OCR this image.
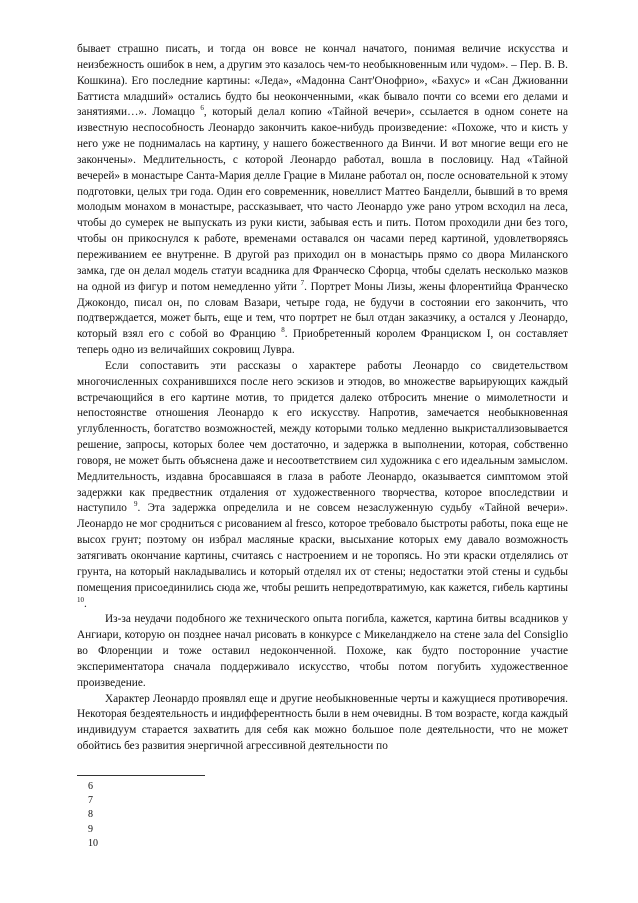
бывает страшно писать, и тогда он вовсе не кончал начатого, понимая величие искусства и неизбежность ошибок в нем, а другим это казалось чем-то необыкновенным или чудом». – Пер. В. В. Кошкина). Его последние картины: «Леда», «Мадонна Сант'Онофрио», «Бахус» и «Сан Джиованни Баттиста младший» остались будто бы неоконченными, «как бывало почти со всеми его делами и занятиями…». Ломаццо $^6$, который делал копию «Тайной вечери», ссылается в одном сонете на известную неспособность Леонардо закончить какое-нибудь произведение: «Похоже, что и кисть у него уже не поднималась на картину, у нашего божественного да Винчи. И вот многие вещи его не закончены». Медлительность, с которой Леонардо работал, вошла в пословицу. Над «Тайной вечерей» в монастыре Санта-Мария делле Грацие в Милане работал он, после основательной к этому подготовки, целых три года. Один его современник, новеллист Маттео Банделли, бывший в то время молодым монахом в монастыре, рассказывает, что часто Леонардо уже рано утром всходил на леса, чтобы до сумерек не выпускать из руки кисти, забывая есть и пить. Потом проходили дни без того, чтобы он прикоснулся к работе, временами оставался он часами перед картиной, удовлетворяясь переживанием ее внутренне. В другой раз приходил он в монастырь прямо со двора Миланского замка, где он делал модель статуи всадника для Франческо Сфорца, чтобы сделать несколько мазков на одной из фигур и потом немедленно уйти $^7$. Портрет Моны Лизы, жены флорентийца Франческо Джокондо, писал он, по словам Вазари, четыре года, не будучи в состоянии его закончить, что подтверждается, может быть, еще и тем, что портрет не был отдан заказчику, а остался у Леонардо, который взял его с собой во Францию $^8$. Приобретенный королем Франциском I, он составляет теперь одно из величайших сокровищ Лувра.

Если сопоставить эти рассказы о характере работы Леонардо со свидетельством многочисленных сохранившихся после него эскизов и этюдов, во множестве варьирующих каждый встречающийся в его картине мотив, то придется далеко отбросить мнение о мимолетности и непостоянстве отношения Леонардо к его искусству. Напротив, замечается необыкновенная углубленность, богатство возможностей, между которыми только медленно выкристаллизовывается решение, запросы, которых более чем достаточно, и задержка в выполнении, которая, собственно говоря, не может быть объяснена даже и несоответствием сил художника с его идеальным замыслом. Медлительность, издавна бросавшаяся в глаза в работе Леонардо, оказывается симптомом этой задержки как предвестник отдаления от художественного творчества, которое впоследствии и наступило $^9$. Эта задержка определила и не совсем незаслуженную судьбу «Тайной вечери». Леонардо не мог сродниться с рисованием al fresco, которое требовало быстроты работы, пока еще не высох грунт; поэтому он избрал масляные краски, высыхание которых ему давало возможность затягивать окончание картины, считаясь с настроением и не торопясь. Но эти краски отделялись от грунта, на который накладывались и который отделял их от стены; недостатки этой стены и судьбы помещения присоединились сюда же, чтобы решить непредотвратимую, как кажется, гибель картины $^{10}$.

Из-за неудачи подобного же технического опыта погибла, кажется, картина битвы всадников у Ангиари, которую он позднее начал рисовать в конкурсе с Микеланджело на стене зала del Consiglio во Флоренции и тоже оставил недоконченной. Похоже, как будто посторонние участие экспериментатора сначала поддерживало искусство, чтобы потом погубить художественное произведение.

Характер Леонардо проявлял еще и другие необыкновенные черты и кажущиеся противоречия. Некоторая бездеятельность и индифферентность были в нем очевидны. В том возрасте, когда каждый индивидуум старается захватить для себя как можно большое поле деятельности, что не может обойтись без развития энергичной агрессивной деятельности по

6
7
8
9
10
